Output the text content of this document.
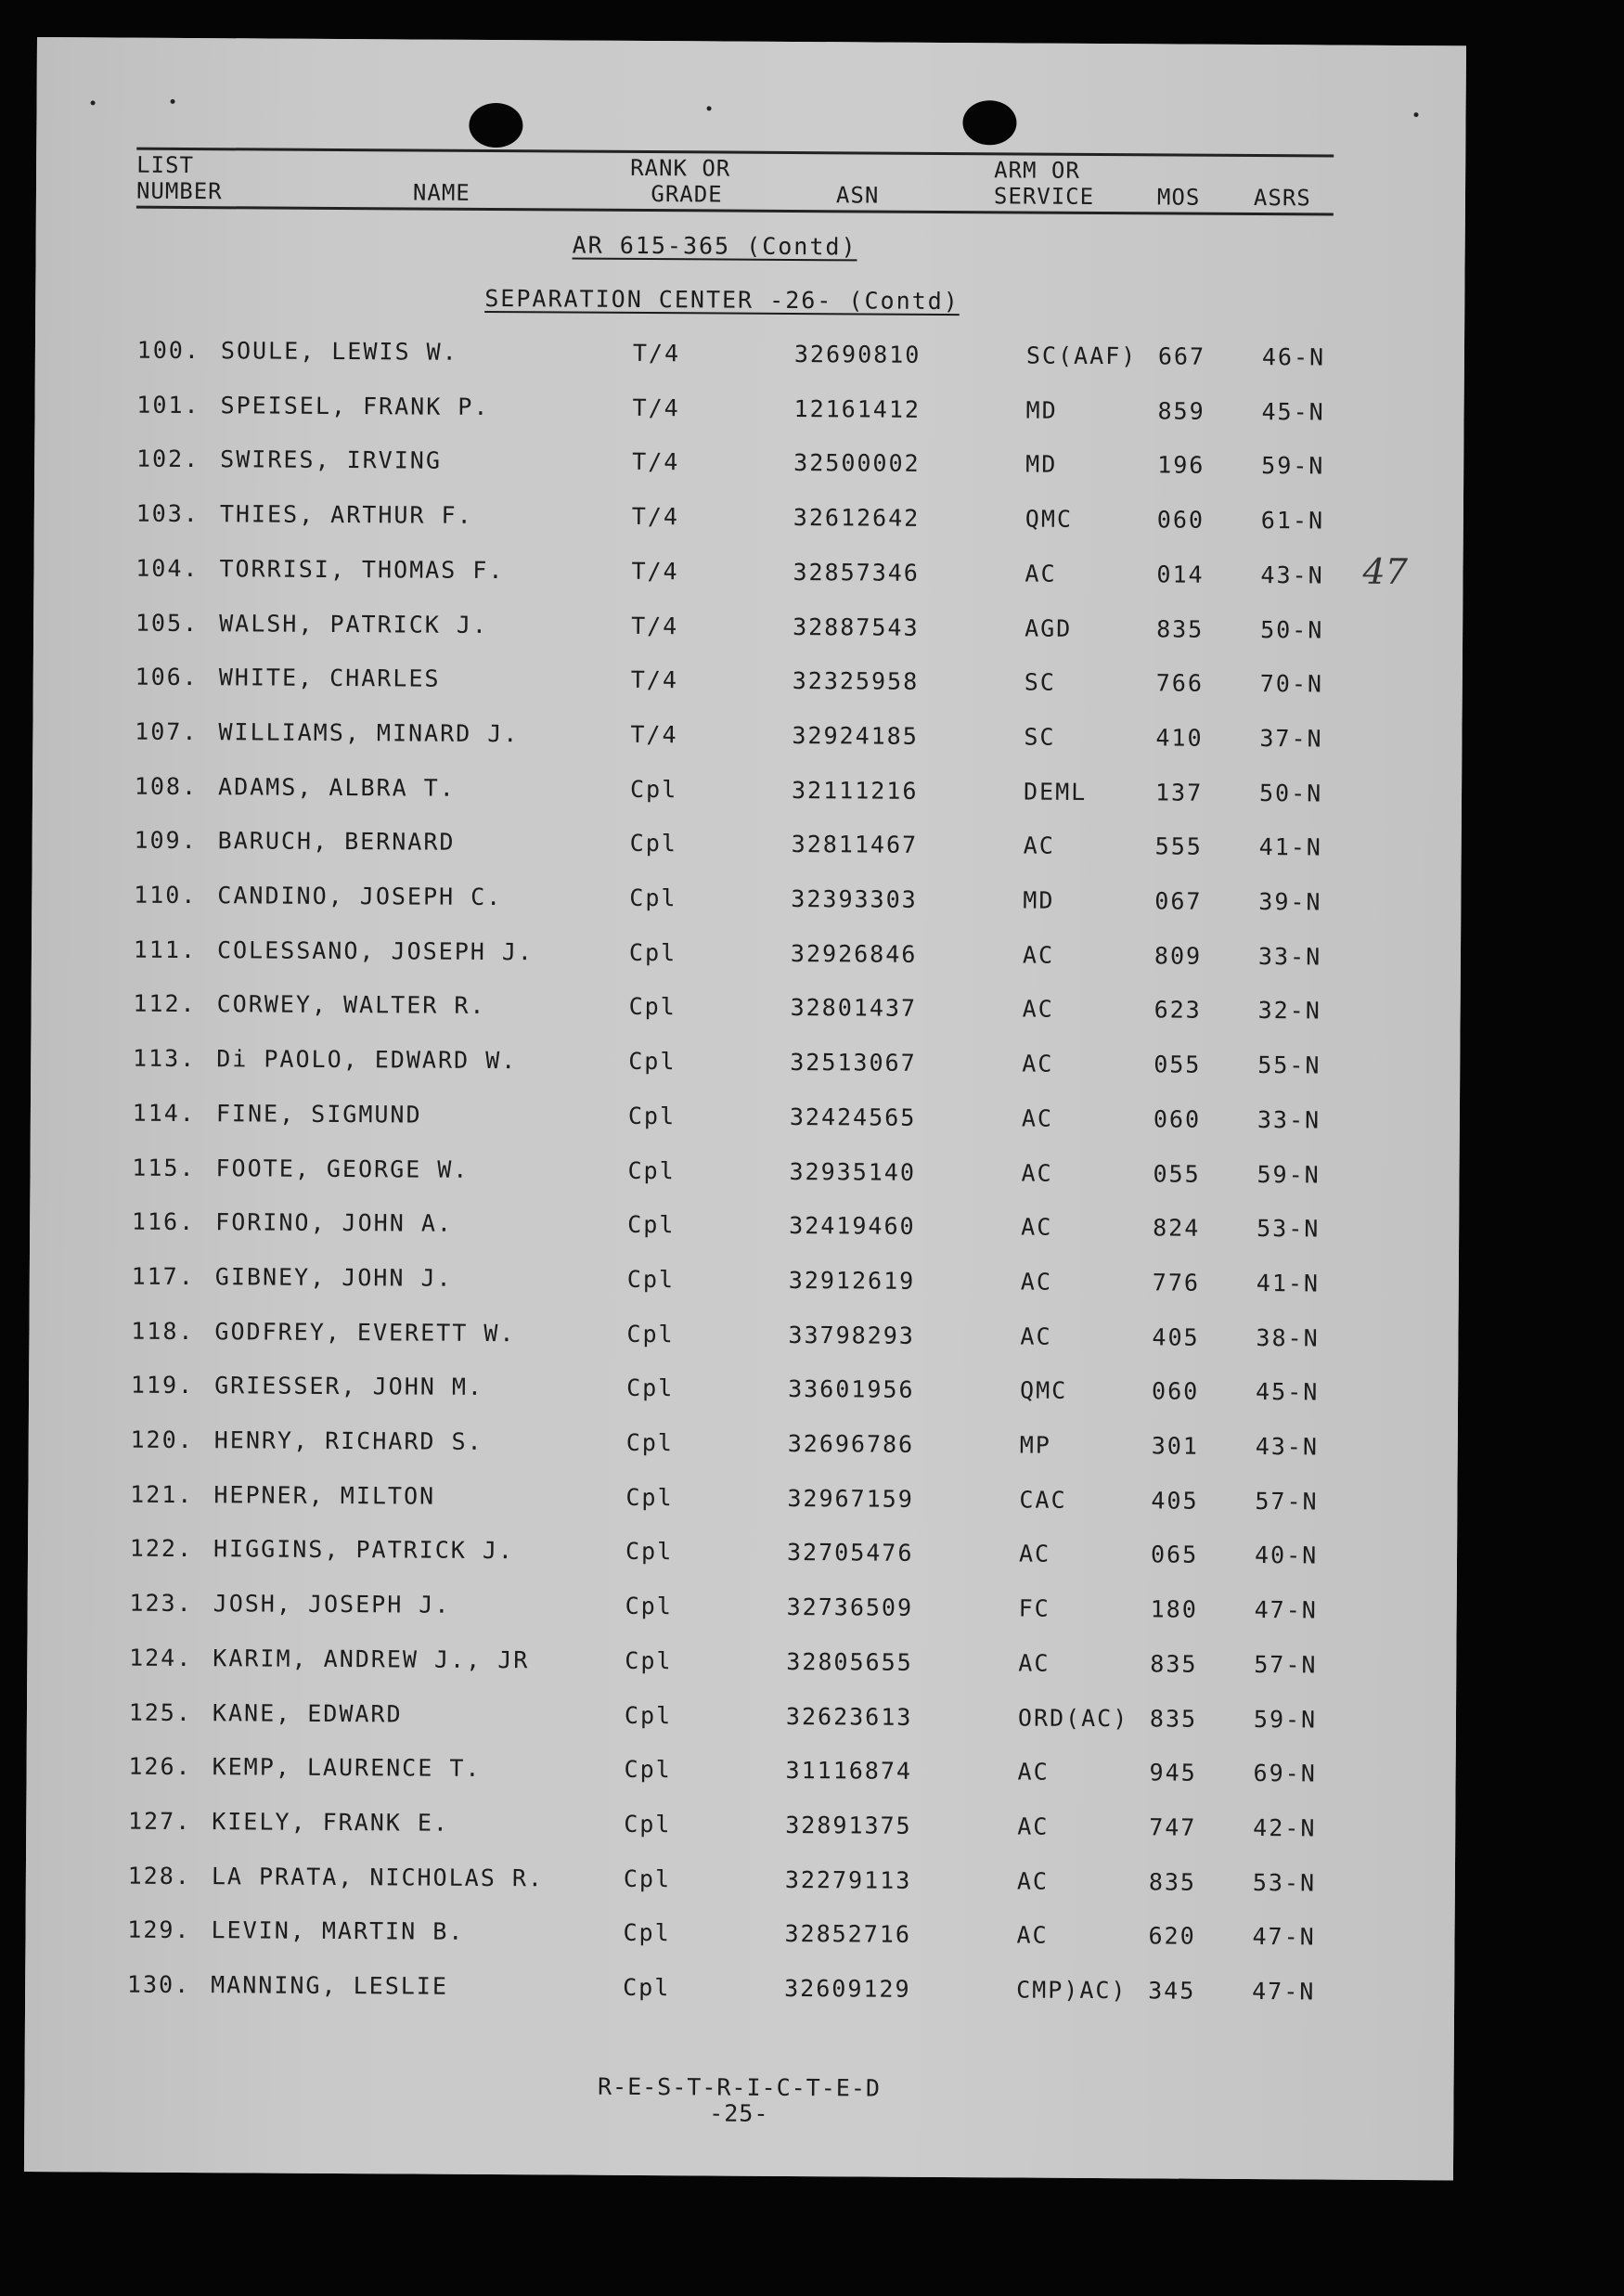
LIST
NUMBER	NAME
RANK OR
GRADE	ASN
ARM OR
SERVICE	MOS ASRS
AR 615-365 (Contd)
SEPARATION CENTER -26- (Contd)
100. SOULE, LEWIS W.	T/4	32690810	SC(AAF) 667 46-N
101. SPEISEL, FRANK P.	T/4	12161412	MD	859 45-N
102. SWIRES, IRVING	T/4	32500002	MD	196 59-N
103. THIES, ARTHUR F.	T/4	32612642	QMC	060 61-N
104. TORRISI, THOMAS F.	T/4	32857346	AC	014 43-N
105. WALSH, PATRICK J.	T/4	32887543	AGD	835 50-N
106. WHITE, CHARLES	T/4	32325958	SC	766 70-N
107. WILLIAMS, MINARD J.	T/4	32924185	SC	410 37-N
108. ADAMS, ALBRA T.	Cpl	32111216	DEML	137 50-N
109. BARUCH, BERNARD	Cpl	32811467	AC	555 41-N
110. CANDINO, JOSEPH C.	Cpl	32393303	MD	067 39-N
111. COLESSANO, JOSEPH J.	Cpl	32926846	AC	809 33-N
112. CORWEY, WALTER R.	Cpl	32801437	AC	623 32-N
113. Di PAOLO, EDWARD W.	Cpl	32513067	AC	055 55-N
114. FINE, SIGMUND	Cpl	32424565	AC	060 33-N
115. FOOTE, GEORGE W.	Cpl	32935140	AC	055 59-N
116. FORINO, JOHN A.	Cpl	32419460	AC	824 53-N
117. GIBNEY, JOHN J.	Cpl	32912619	AC	776 41-N
118. GODFREY, EVERETT W.	Cpl	33798293	AC	405 38-N
119. GRIESSER, JOHN M.	Cpl	33601956	QMC	060 45-N
120. HENRY, RICHARD S.	Cpl	32696786	MP	301 43-N
121. HEPNER, MILTON	Cpl	32967159	CAC	405 57-N
122. HIGGINS, PATRICK J.	Cpl	32705476	AC	065 40-N
123. JOSH, JOSEPH J.	Cpl	32736509	FC	180 47-N
124. KARIM, ANDREW J., JR	Cpl	32805655	AC	835 57-N
125. KANE, EDWARD	Cpl	32623613	ORD(AC) 835 59-N
126. KEMP, LAURENCE T.	Cpl	31116874	AC	945 69-N
127. KIELY, FRANK E.	Cpl	32891375	AC	747 42-N
128. LA PRATA, NICHOLAS R.	Cpl	32279113	AC	835 53-N
129. LEVIN, MARTIN B.	Cpl	32852716	AC	620 47-N
130. MANNING, LESLIE	Cpl	32609129	CMP)AC) 345 47-N
47
R-E-S-T-R-I-C-T-E-D
-25-
